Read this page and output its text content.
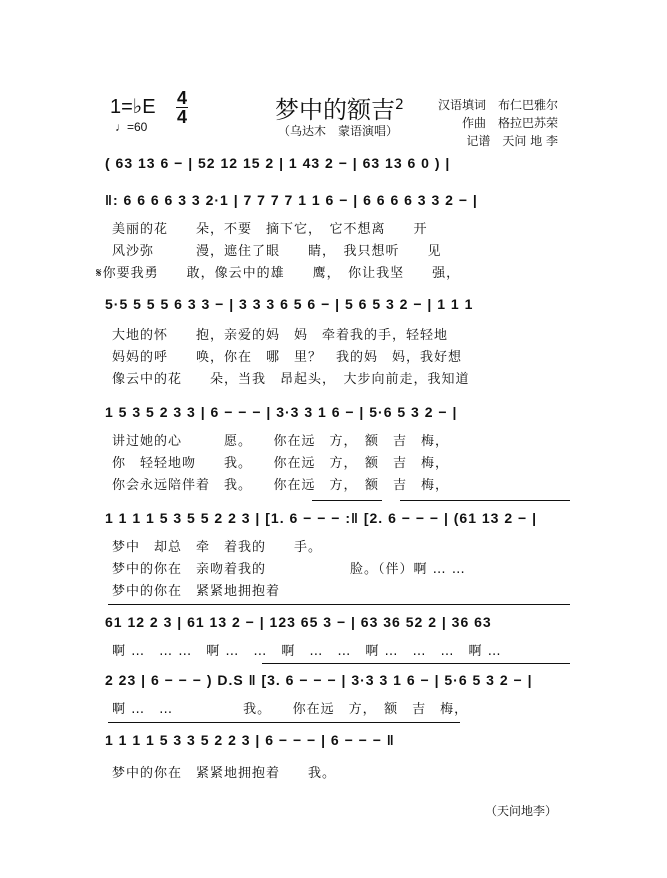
1=♭E
♩=60
4
4	梦中的额吉$^2$
（乌达木　蒙语演唱）
汉语填词　布仁巴雅尔
作曲　格拉巴苏荣
记谱　天问 地 李
( 63 13 6 − | 52 12 15 2 | 1 43 2 − | 63 13 6 0 ) |
‖: 6 6 6 6 3 3 2·1 | 7 7 7 7 1 1 6 − | 6 6 6 6 3 3 2 − |
美丽的花　　朵，不要　摘下它，　它不想离　　开
风沙弥　　　漫，遮住了眼　　睛，　我只想听　　见
𝄋你要我勇　　敢，像云中的雄　　鹰，　你让我坚　　强，
5·5 5 5 5 6 3 3 − | 3 3 3 6 5 6 − | 5 6 5 3 2 − | 1 1 1
大地的怀　　抱，亲爱的妈　妈　牵着我的手，轻轻地
妈妈的呼　　唤，你在　哪　里？　我的妈　妈，我好想
像云中的花　　朵，当我　昂起头，　大步向前走，我知道
1 5 3 5 2 3 3 | 6 − − − | 3·3 3 1 6 − | 5·6 5 3 2 − |
讲过她的心　　　愿。　　你在远　方，　额　吉　梅，
你　轻轻地吻　　我。　　你在远　方，　额　吉　梅，
你会永远陪伴着　我。　　你在远　方，　额　吉　梅，
1 1 1 1 5 3 5 5 2 2 3 | [1. 6 − − − :‖ [2. 6 − − − | (61 13 2 − |
梦中　却总　牵　着我的　　手。
梦中的你在　亲吻着我的　　　　　　脸。（伴）啊 … …
梦中的你在　紧紧地拥抱着
61 12 2 3 | 61 13 2 − | 123 65 3 − | 63 36 52 2 | 36 63
啊 …　… …　啊 …　…　啊　…　…　啊 …　…　…　啊 …
2 23 | 6 − − − ) D.S ‖ [3. 6 − − − | 3·3 3 1 6 − | 5·6 5 3 2 − |
啊 …　…　　　　　我。　　你在远　方，　额　吉　梅，
1 1 1 1 5 3 3 5 2 2 3 | 6 − − − | 6 − − − ‖
梦中的你在　紧紧地拥抱着　　我。
（天问地李）
